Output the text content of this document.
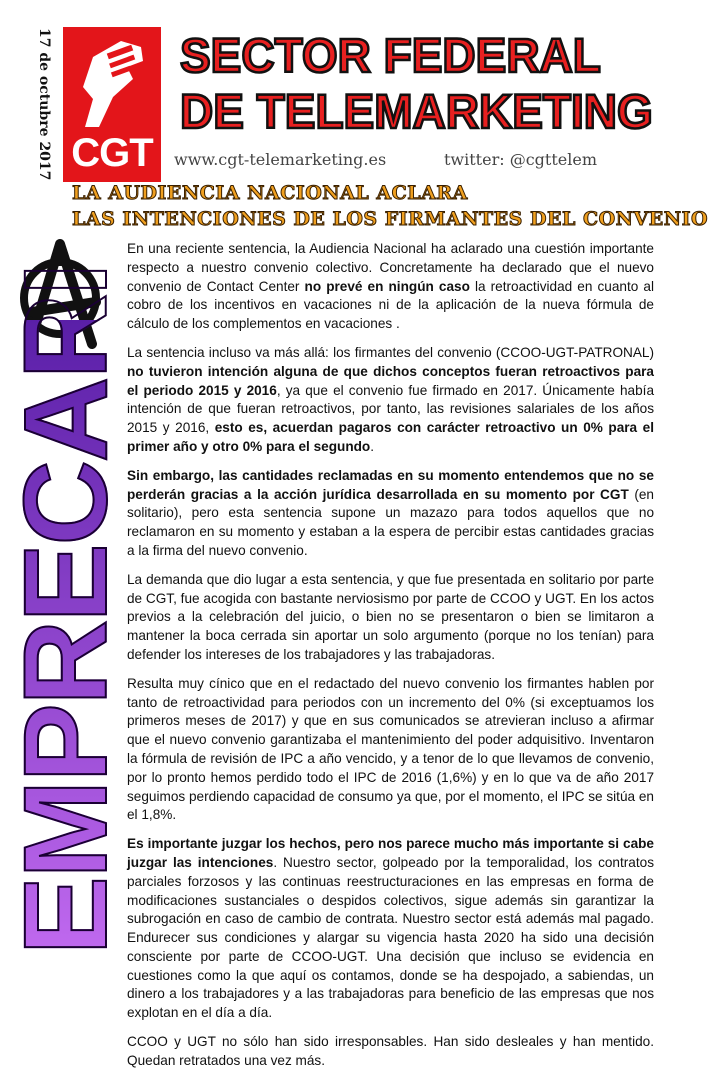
17 de octubre 2017 CGT
SECTOR FEDERAL
DE TELEMARKETING
www.cgt-telemarketing.es	twitter: @cgttelem
LA AUDIENCIA NACIONAL ACLARA
LAS INTENCIONES DE LOS FIRMANTES DEL CONVENIO
EMPRECARI

En una reciente sentencia, la Audiencia Nacional ha aclarado una cuestión importante respecto a nuestro convenio colectivo. Concretamente ha declarado que el nuevo convenio de Contact Center no prevé en ningún caso la retroactividad en cuanto al cobro de los incentivos en vacaciones ni de la aplicación de la nueva fórmula de cálculo de los complementos en vacaciones .

La sentencia incluso va más allá: los firmantes del convenio (CCOO-UGT-PATRONAL) no tuvieron intención alguna de que dichos conceptos fueran retroactivos para el periodo 2015 y 2016, ya que el convenio fue firmado en 2017. Únicamente había intención de que fueran retroactivos, por tanto, las revisiones salariales de los años 2015 y 2016, esto es, acuerdan pagaros con carácter retroactivo un 0% para el primer año y otro 0% para el segundo.

Sin embargo, las cantidades reclamadas en su momento entendemos que no se perderán gracias a la acción jurídica desarrollada en su momento por CGT (en solitario), pero esta sentencia supone un mazazo para todos aquellos que no reclamaron en su momento y estaban a la espera de percibir estas cantidades gracias a la firma del nuevo convenio.

La demanda que dio lugar a esta sentencia, y que fue presentada en solitario por parte de CGT, fue acogida con bastante nerviosismo por parte de CCOO y UGT. En los actos previos a la celebración del juicio, o bien no se presentaron o bien se limitaron a mantener la boca cerrada sin aportar un solo argumento (porque no los tenían) para defender los intereses de los trabajadores y las trabajadoras.

Resulta muy cínico que en el redactado del nuevo convenio los firmantes hablen por tanto de retroactividad para periodos con un incremento del 0% (si exceptuamos los primeros meses de 2017) y que en sus comunicados se atrevieran incluso a afirmar que el nuevo convenio garantizaba el mantenimiento del poder adquisitivo. Inventaron la fórmula de revisión de IPC a año vencido, y a tenor de lo que llevamos de convenio, por lo pronto hemos perdido todo el IPC de 2016 (1,6%) y en lo que va de año 2017 seguimos perdiendo capacidad de consumo ya que, por el momento, el IPC se sitúa en el 1,8%.

Es importante juzgar los hechos, pero nos parece mucho más importante si cabe juzgar las intenciones. Nuestro sector, golpeado por la temporalidad, los contratos parciales forzosos y las continuas reestructuraciones en las empresas en forma de modificaciones sustanciales o despidos colectivos, sigue además sin garantizar la subrogación en caso de cambio de contrata. Nuestro sector está además mal pagado. Endurecer sus condiciones y alargar su vigencia hasta 2020 ha sido una decisión consciente por parte de CCOO-UGT. Una decisión que incluso se evidencia en cuestiones como la que aquí os contamos, donde se ha despojado, a sabiendas, un dinero a los trabajadores y a las trabajadoras para beneficio de las empresas que nos explotan en el día a día.

CCOO y UGT no sólo han sido irresponsables. Han sido desleales y han mentido. Quedan retratados una vez más.
